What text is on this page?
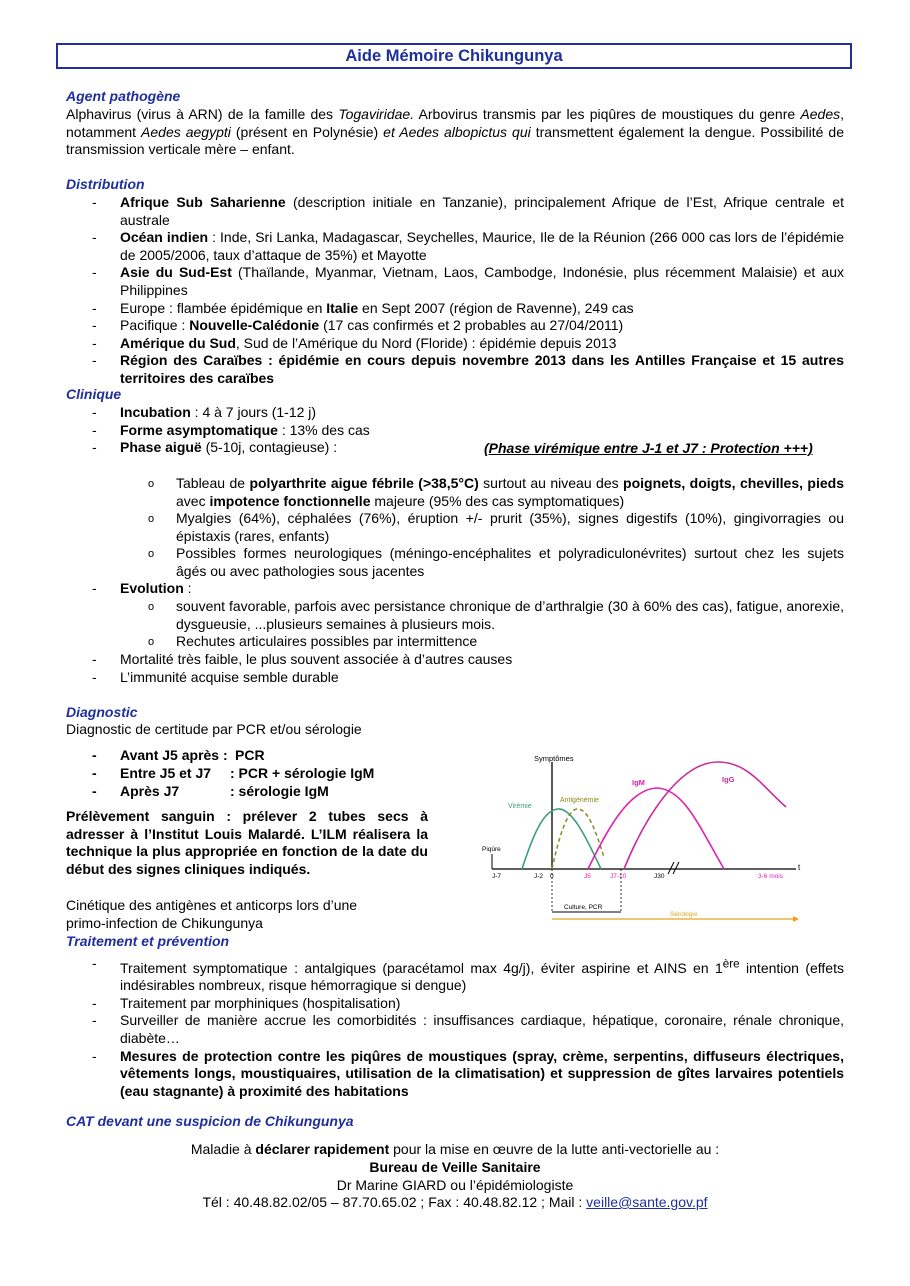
Aide Mémoire Chikungunya
Agent pathogène
Alphavirus (virus à ARN) de la famille des Togaviridae. Arbovirus transmis par les piqûres de moustiques du genre Aedes, notamment Aedes aegypti (présent en Polynésie) et Aedes albopictus qui transmettent également la dengue. Possibilité de transmission verticale mère – enfant.
Distribution
- Afrique Sub Saharienne (description initiale en Tanzanie), principalement Afrique de l’Est, Afrique centrale et australe
- Océan indien : Inde, Sri Lanka, Madagascar, Seychelles, Maurice, Ile de la Réunion (266 000 cas lors de l’épidémie de 2005/2006, taux d’attaque de 35%) et Mayotte
- Asie du Sud-Est (Thaïlande, Myanmar, Vietnam, Laos, Cambodge, Indonésie, plus récemment Malaisie) et aux Philippines
- Europe : flambée épidémique en Italie en Sept 2007 (région de Ravenne), 249 cas
- Pacifique : Nouvelle-Calédonie (17 cas confirmés et 2 probables au 27/04/2011)
- Amérique du Sud, Sud de l’Amérique du Nord (Floride) : épidémie depuis 2013
- Région des Caraïbes : épidémie en cours depuis novembre 2013 dans les Antilles Française et 15 autres territoires des caraïbes
Clinique
- Incubation : 4 à 7 jours (1-12 j)
- Forme asymptomatique : 13% des cas
- Phase aiguë (5-10j, contagieuse) :	(Phase virémique entre J-1 et J7 : Protection +++)
o Tableau de polyarthrite aigue fébrile (>38,5°C) surtout au niveau des poignets, doigts, chevilles, pieds avec impotence fonctionnelle majeure (95% des cas symptomatiques)
o Myalgies (64%), céphalées (76%), éruption +/- prurit (35%), signes digestifs (10%), gingivorragies ou épistaxis (rares, enfants)
o Possibles formes neurologiques (méningo-encéphalites et polyradiculonévrites) surtout chez les sujets âgés ou avec pathologies sous jacentes
- Evolution :
o souvent favorable, parfois avec persistance chronique de d’arthralgie (30 à 60% des cas), fatigue, anorexie, dysgueusie, ...plusieurs semaines à plusieurs mois.
o Rechutes articulaires possibles par intermittence
- Mortalité très faible, le plus souvent associée à d’autres causes
- L’immunité acquise semble durable
Diagnostic
Diagnostic de certitude par PCR et/ou sérologie
- Avant J5 après : PCR
- Entre J5 et J7 : PCR + sérologie IgM
- Après J7	: sérologie IgM
Prélèvement sanguin : prélever 2 tubes secs à adresser à l’Institut Louis Malardé. L’ILM réalisera la technique la plus appropriée en fonction de la date du début des signes cliniques indiqués.
Cinétique des antigènes et anticorps lors d’une primo-infection de Chikungunya
Symptômes
t
Piqûre
Virémie
Antigénémie
IgM	IgG
J-7	J-2 0	J5	J7-10	J30	3-6 mois
Culture, PCR
Sérologie
Traitement et prévention
- Traitement symptomatique : antalgiques (paracétamol max 4g/j), éviter aspirine et AINS en 1ère intention (effets indésirables nombreux, risque hémorragique si dengue)
- Traitement par morphiniques (hospitalisation)
- Surveiller de manière accrue les comorbidités : insuffisances cardiaque, hépatique, coronaire, rénale chronique, diabète…
- Mesures de protection contre les piqûres de moustiques (spray, crème, serpentins, diffuseurs électriques, vêtements longs, moustiquaires, utilisation de la climatisation) et suppression de gîtes larvaires potentiels (eau stagnante) à proximité des habitations
CAT devant une suspicion de Chikungunya
Maladie à déclarer rapidement pour la mise en œuvre de la lutte anti-vectorielle au :
Bureau de Veille Sanitaire
Dr Marine GIARD ou l’épidémiologiste
Tél : 40.48.82.02/05 – 87.70.65.02 ; Fax : 40.48.82.12 ; Mail : veille@sante.gov.pf
